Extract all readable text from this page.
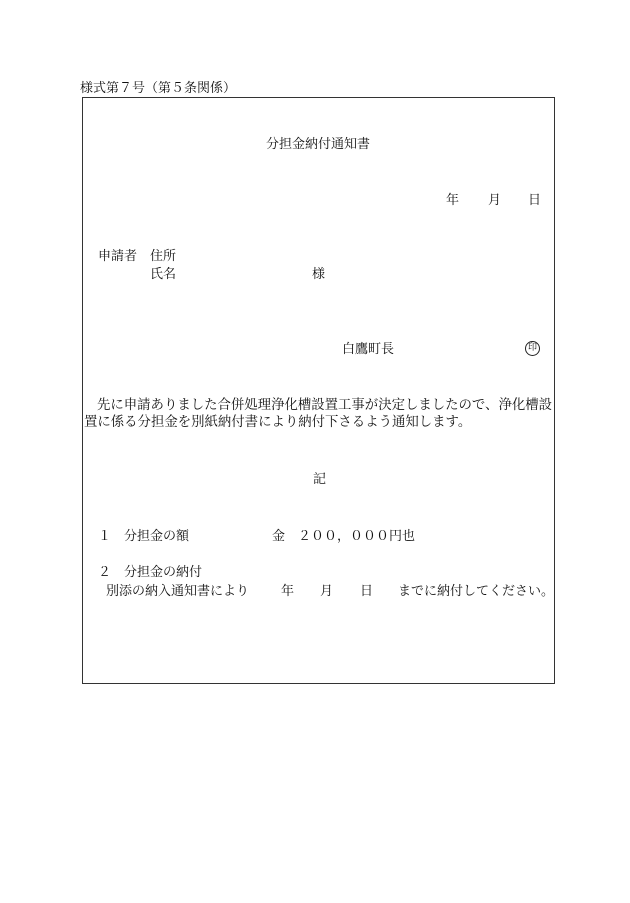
様式第７号（第５条関係）
分担金納付通知書
年 月 日
申請者 住所
氏名	様
白鷹町長	印
先に申請ありました合併処理浄化槽設置工事が決定しましたので、浄化槽設
置に係る分担金を別紙納付書により納付下さるよう通知します。
記
１ 分担金の額	金　２００，０００円也
２ 分担金の納付
別添の納入通知書により 年 月 日 までに納付してください。
